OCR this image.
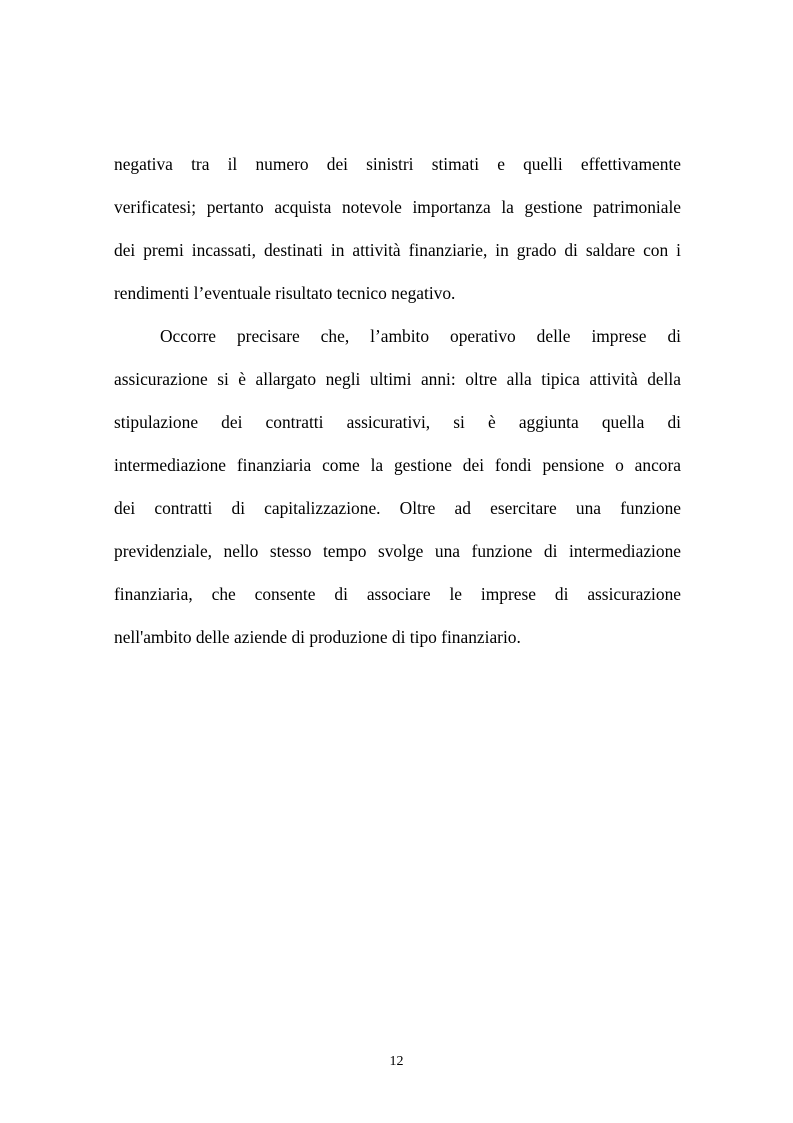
negativa tra il numero dei sinistri stimati e quelli effettivamente
verificatesi; pertanto acquista notevole importanza la gestione patrimoniale
dei premi incassati, destinati in attività finanziarie, in grado di saldare con i
rendimenti l’eventuale risultato tecnico negativo.
Occorre precisare che, l’ambito operativo delle imprese di
assicurazione si è allargato negli ultimi anni: oltre alla tipica attività della
stipulazione dei contratti assicurativi, si è aggiunta quella di
intermediazione finanziaria come la gestione dei fondi pensione o ancora
dei contratti di capitalizzazione. Oltre ad esercitare una funzione
previdenziale, nello stesso tempo svolge una funzione di intermediazione
finanziaria, che consente di associare le imprese di assicurazione
nell'ambito delle aziende di produzione di tipo finanziario.
12
